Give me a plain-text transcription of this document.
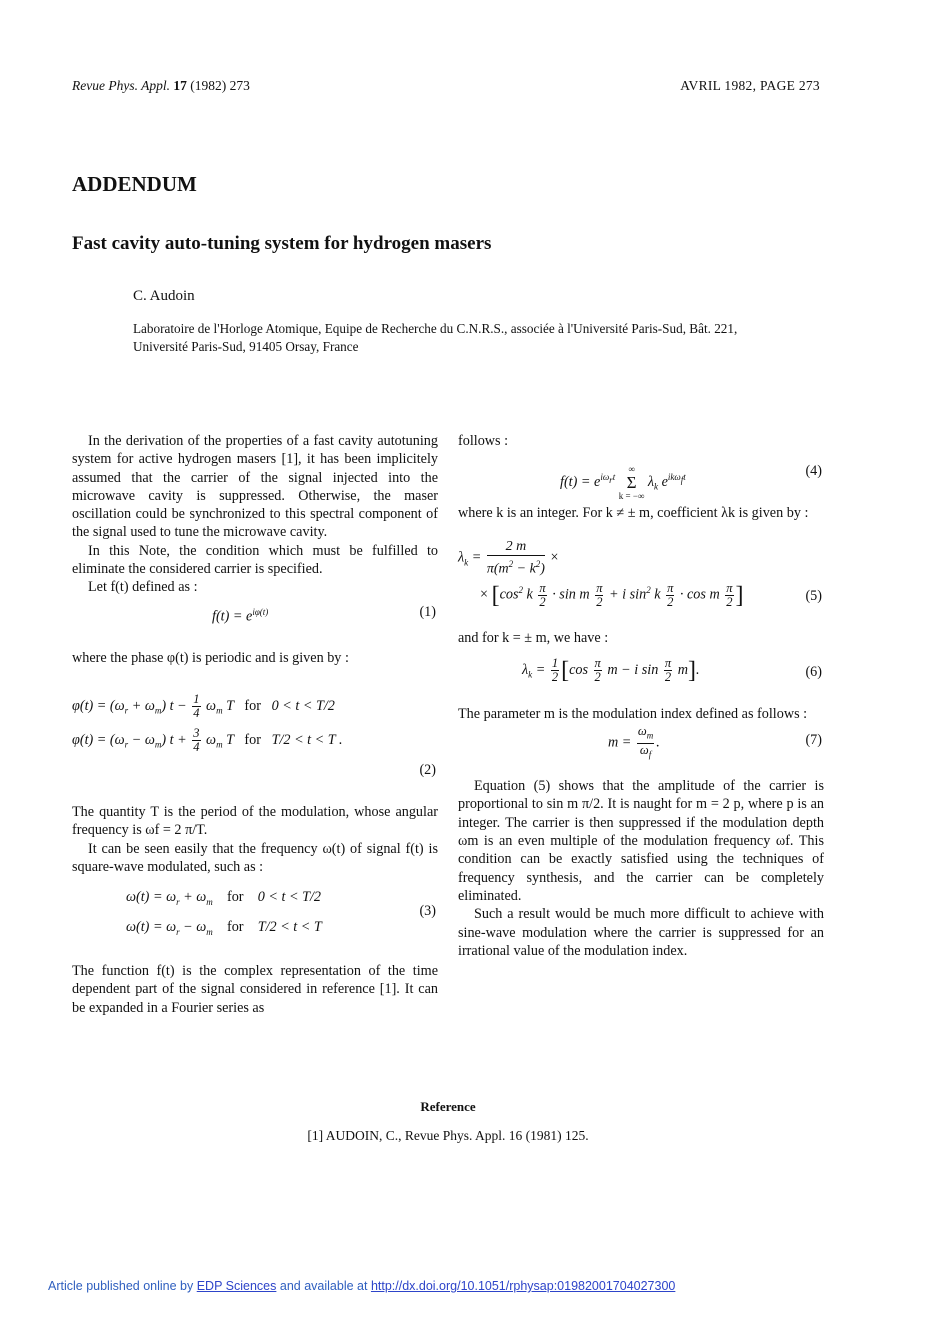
Revue Phys. Appl. 17 (1982) 273	AVRIL 1982, PAGE 273
ADDENDUM
Fast cavity auto-tuning system for hydrogen masers
C. Audoin
Laboratoire de l'Horloge Atomique, Equipe de Recherche du C.N.R.S., associée à l'Université Paris-Sud, Bât. 221, Université Paris-Sud, 91405 Orsay, France

In the derivation of the properties of a fast cavity autotuning system for active hydrogen masers [1], it has been implicitely assumed that the carrier of the signal injected into the microwave cavity is suppressed. Otherwise, the maser oscillation could be synchronized to this spectral component of the signal used to tune the microwave cavity.

In this Note, the condition which must be fulfilled to eliminate the considered carrier is specified.

Let f(t) defined as :

$f(t) = e^{i\varphi(t)}$	(1)

where the phase φ(t) is periodic and is given by :

$\varphi(t) = (\omega_r + \omega_m) t - \frac{1}{4} \omega_m$ T   for   0 < t < T/2
$\varphi(t) = (\omega_r - \omega_m) t + \frac{3}{4} \omega_m$ T   for   T/2 < t < T .
(2)

The quantity T is the period of the modulation, whose angular frequency is ωf = 2 π/T.

It can be seen easily that the frequency ω(t) of signal f(t) is square-wave modulated, such as :

$\omega(t) = \omega_r + \omega_m$ for    0 < t < T/2
$\omega(t) = \omega_r - \omega_m$ for    T/2 < t < T
(3)

The function f(t) is the complex representation of the time dependent part of the signal considered in reference [1]. It can be expanded in a Fourier series as

follows :

$f(t) = e^{i\omega_rt}$ ∞
Σ
k = −∞ $\lambda_k$ $e^{ik\omega_ft}$	(4)

where k is an integer. For k ≠ ± m, coefficient λk is given by :

$\lambda_k = \frac{2 m}{\pi(m^2 - k^2)}$ ×
× [$\cos^2$ k $\frac{\pi}{2} \cdot \sin m \frac{\pi}{2} + i$ $\sin^2 k \frac{\pi}{2} \cdot \cos m \frac{\pi}{2}$ ]	(5)

and for k = ± m, we have :

$\lambda_k = \frac{1}{2} [\cos \frac{\pi}{2}$ m − i $\sin \frac{\pi}{2} m$].	(6)

The parameter m is the modulation index defined as follows :

$m = \frac{\omega_m}{\omega_f}$ .	(7)

Equation (5) shows that the amplitude of the carrier is proportional to sin m π/2. It is naught for m = 2 p, where p is an integer. The carrier is then suppressed if the modulation depth ωm is an even multiple of the modulation frequency ωf. This condition can be exactly satisfied using the techniques of frequency synthesis, and the carrier can be completely eliminated.

Such a result would be much more difficult to achieve with sine-wave modulation where the carrier is suppressed for an irrational value of the modulation index.

Reference
[1] AUDOIN, C., Revue Phys. Appl. 16 (1981) 125.
Article published online by EDP Sciences and available at http://dx.doi.org/10.1051/rphysap:01982001704027300
